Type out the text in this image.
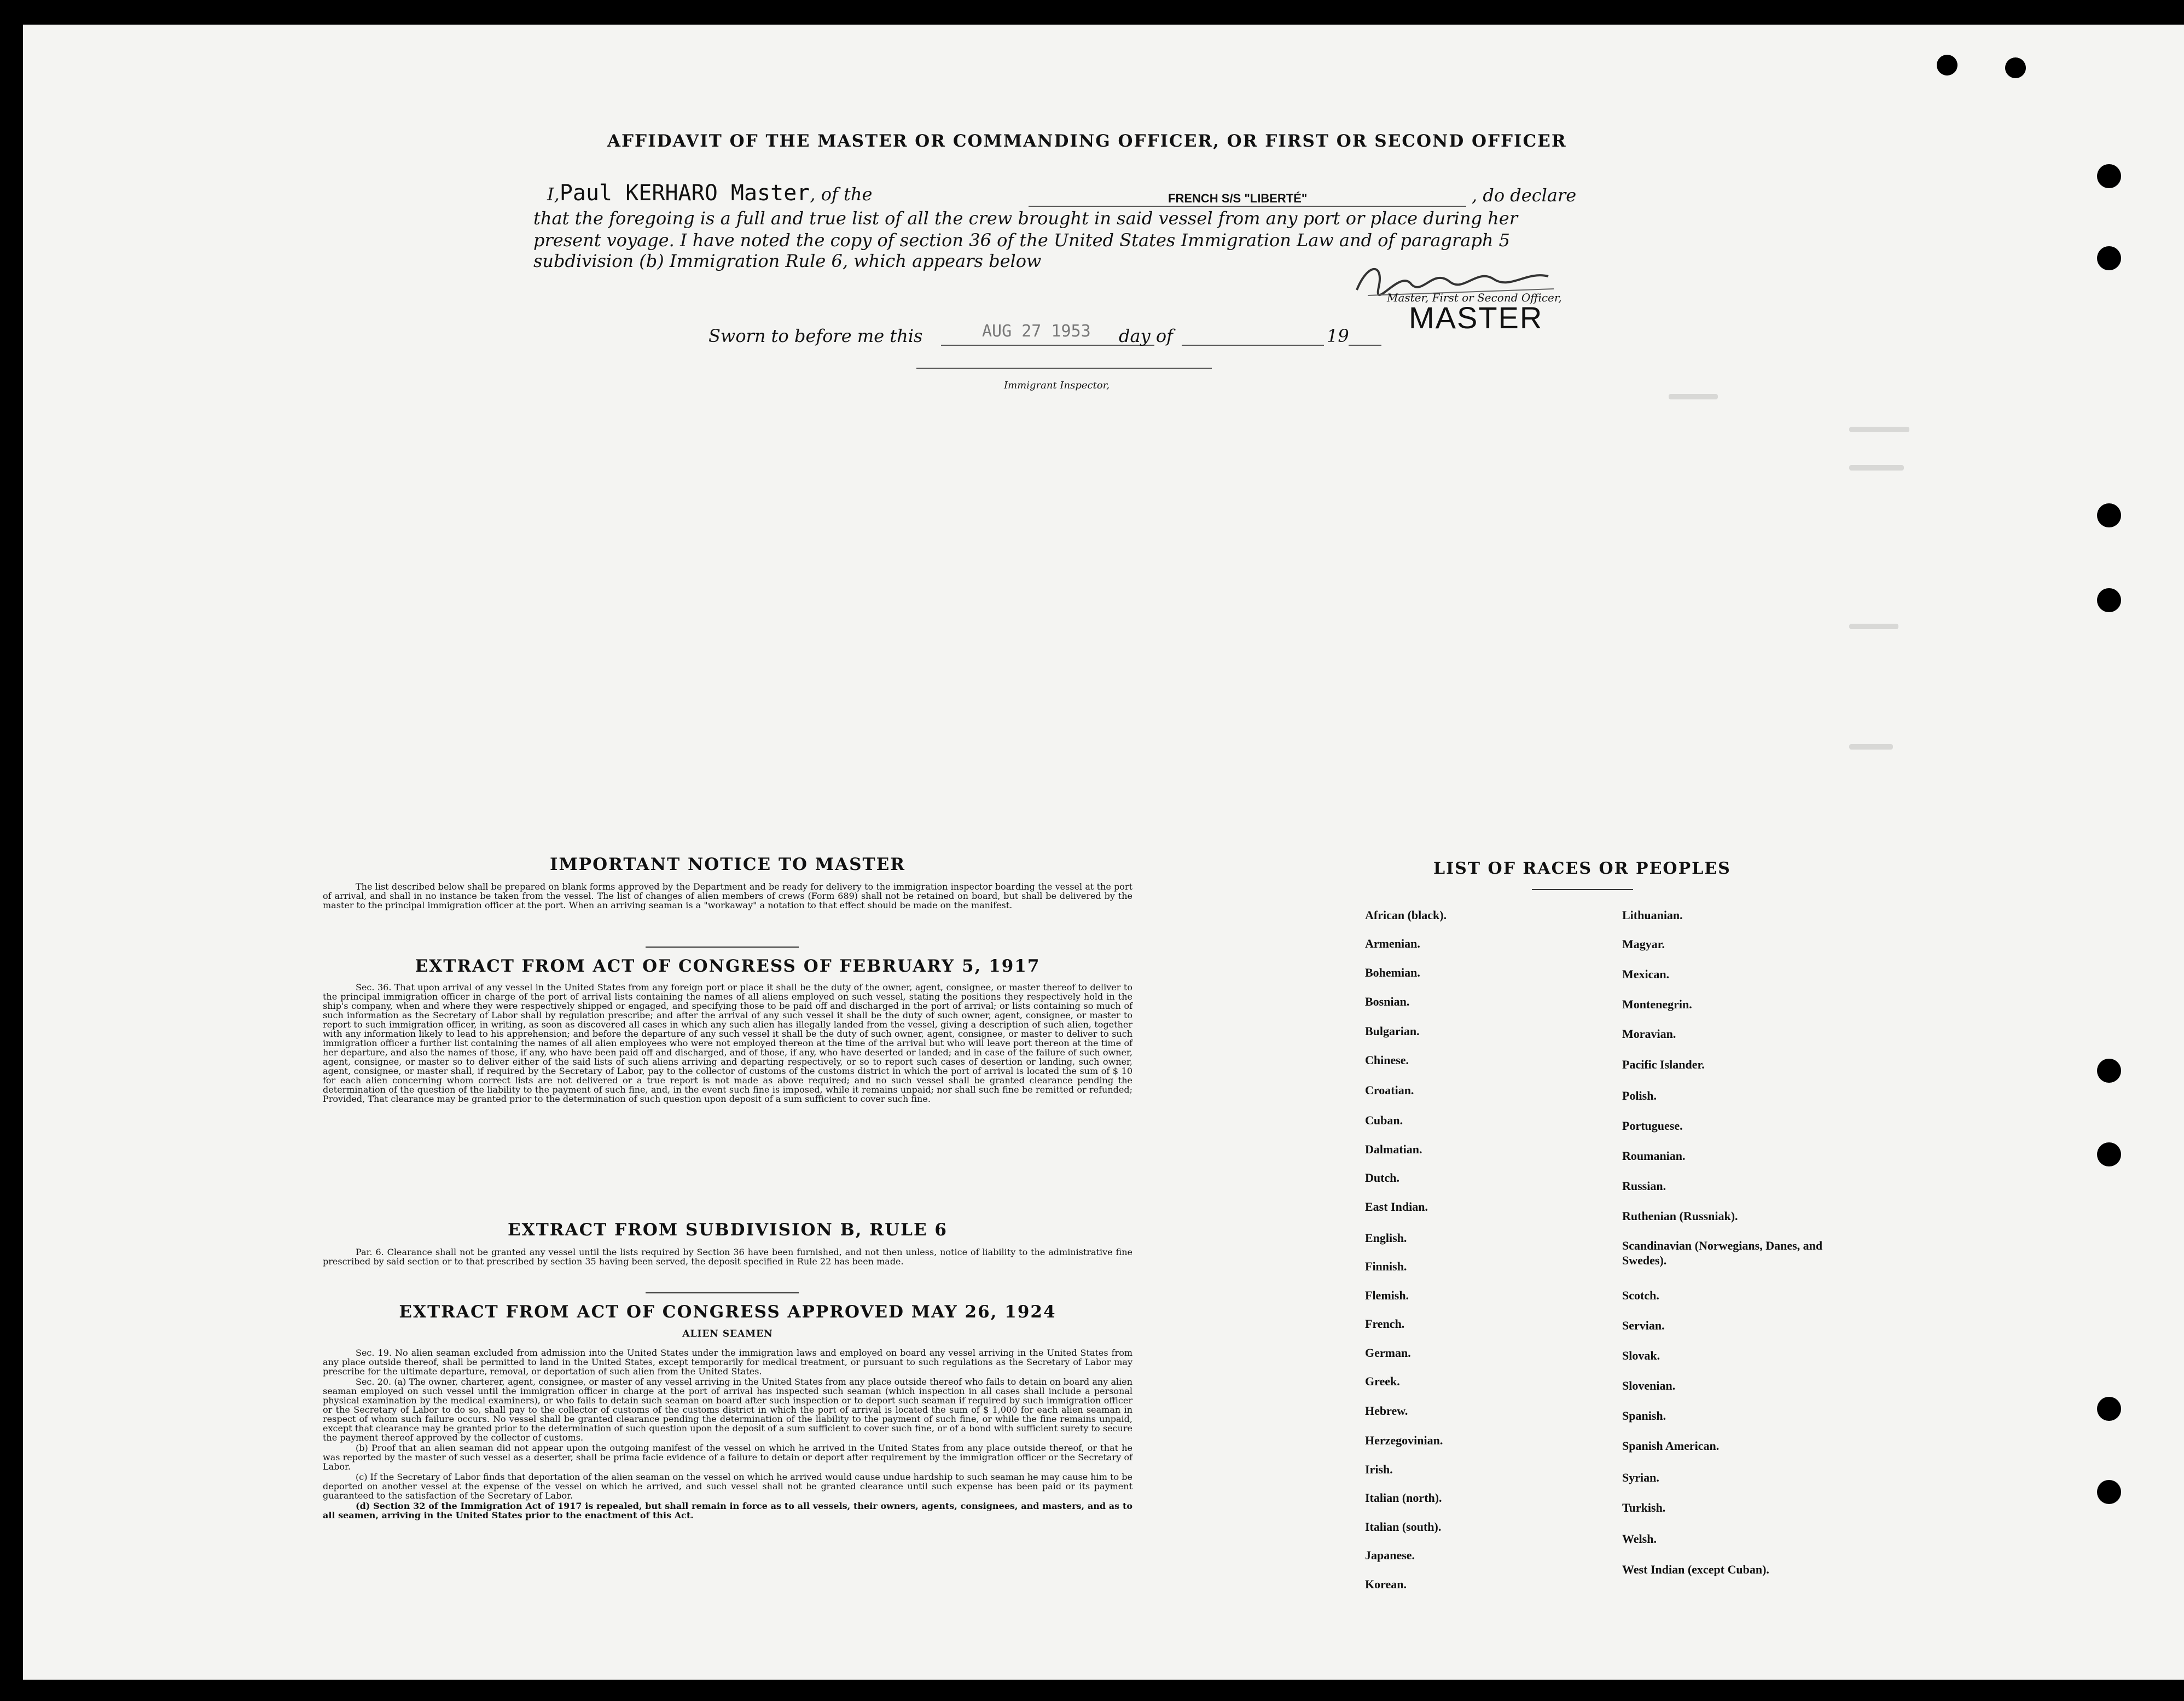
AFFIDAVIT OF THE MASTER OR COMMANDING OFFICER, OR FIRST OR SECOND OFFICER
I,Paul KERHARO Master, of the	FRENCH S/S "LIBERTÉ"	, do declare
that the foregoing is a full and true list of all the crew brought in said vessel from any port or place during her
present voyage. I have noted the copy of section 36 of the United States Immigration Law and of paragraph 5
subdivision (b) Immigration Rule 6, which appears below
Master, First or Second Officer,
MASTER
Sworn to before me this	AUG 27 1953 day of	19
Immigrant Inspector,
IMPORTANT NOTICE TO MASTER

The list described below shall be prepared on blank forms approved by the Department and be ready for delivery to the immigration inspector boarding the vessel at the port of arrival, and shall in no instance be taken from the vessel. The list of changes of alien members of crews (Form 689) shall not be retained on board, but shall be delivered by the master to the principal immigration officer at the port. When an arriving seaman is a "workaway" a notation to that effect should be made on the manifest.

EXTRACT FROM ACT OF CONGRESS OF FEBRUARY 5, 1917

Sec. 36. That upon arrival of any vessel in the United States from any foreign port or place it shall be the duty of the owner, agent, consignee, or master thereof to deliver to the principal immigration officer in charge of the port of arrival lists containing the names of all aliens employed on such vessel, stating the positions they respectively hold in the ship's company, when and where they were respectively shipped or engaged, and specifying those to be paid off and discharged in the port of arrival; or lists containing so much of such information as the Secretary of Labor shall by regulation prescribe; and after the arrival of any such vessel it shall be the duty of such owner, agent, consignee, or master to report to such immigration officer, in writing, as soon as discovered all cases in which any such alien has illegally landed from the vessel, giving a description of such alien, together with any information likely to lead to his apprehension; and before the departure of any such vessel it shall be the duty of such owner, agent, consignee, or master to deliver to such immigration officer a further list containing the names of all alien employees who were not employed thereon at the time of the arrival but who will leave port thereon at the time of her departure, and also the names of those, if any, who have been paid off and discharged, and of those, if any, who have deserted or landed; and in case of the failure of such owner, agent, consignee, or master so to deliver either of the said lists of such aliens arriving and departing respectively, or so to report such cases of desertion or landing, such owner, agent, consignee, or master shall, if required by the Secretary of Labor, pay to the collector of customs of the customs district in which the port of arrival is located the sum of $ 10 for each alien concerning whom correct lists are not delivered or a true report is not made as above required; and no such vessel shall be granted clearance pending the determination of the question of the liability to the payment of such fine, and, in the event such fine is imposed, while it remains unpaid; nor shall such fine be remitted or refunded; Provided, That clearance may be granted prior to the determination of such question upon deposit of a sum sufficient to cover such fine.

EXTRACT FROM SUBDIVISION B, RULE 6

Par. 6. Clearance shall not be granted any vessel until the lists required by Section 36 have been furnished, and not then unless, notice of liability to the administrative fine prescribed by said section or to that prescribed by section 35 having been served, the deposit specified in Rule 22 has been made.

EXTRACT FROM ACT OF CONGRESS APPROVED MAY 26, 1924
ALIEN SEAMEN

Sec. 19. No alien seaman excluded from admission into the United States under the immigration laws and employed on board any vessel arriving in the United States from any place outside thereof, shall be permitted to land in the United States, except temporarily for medical treatment, or pursuant to such regulations as the Secretary of Labor may prescribe for the ultimate departure, removal, or deportation of such alien from the United States.

Sec. 20. (a) The owner, charterer, agent, consignee, or master of any vessel arriving in the United States from any place outside thereof who fails to detain on board any alien seaman employed on such vessel until the immigration officer in charge at the port of arrival has inspected such seaman (which inspection in all cases shall include a personal physical examination by the medical examiners), or who fails to detain such seaman on board after such inspection or to deport such seaman if required by such immigration officer or the Secretary of Labor to do so, shall pay to the collector of customs of the customs district in which the port of arrival is located the sum of $ 1,000 for each alien seaman in respect of whom such failure occurs. No vessel shall be granted clearance pending the determination of the liability to the payment of such fine, or while the fine remains unpaid, except that clearance may be granted prior to the determination of such question upon the deposit of a sum sufficient to cover such fine, or of a bond with sufficient surety to secure the payment thereof approved by the collector of customs.

(b) Proof that an alien seaman did not appear upon the outgoing manifest of the vessel on which he arrived in the United States from any place outside thereof, or that he was reported by the master of such vessel as a deserter, shall be prima facie evidence of a failure to detain or deport after requirement by the immigration officer or the Secretary of Labor.

(c) If the Secretary of Labor finds that deportation of the alien seaman on the vessel on which he arrived would cause undue hardship to such seaman he may cause him to be deported on another vessel at the expense of the vessel on which he arrived, and such vessel shall not be granted clearance until such expense has been paid or its payment guaranteed to the satisfaction of the Secretary of Labor.

(d) Section 32 of the Immigration Act of 1917 is repealed, but shall remain in force as to all vessels, their owners, agents, consignees, and masters, and as to all seamen, arriving in the United States prior to the enactment of this Act.

LIST OF RACES OR PEOPLES
African (black).
Armenian.
Bohemian.
Bosnian.
Bulgarian.
Chinese.
Croatian.
Cuban.
Dalmatian.
Dutch.
East Indian.
English.
Finnish.
Flemish.
French.
German.
Greek.
Hebrew.
Herzegovinian.
Irish.
Italian (north).
Italian (south).
Japanese.
Korean.
Lithuanian.
Magyar.
Mexican.
Montenegrin.
Moravian.
Pacific Islander.
Polish.
Portuguese.
Roumanian.
Russian.
Ruthenian (Russniak).
Scandinavian (Norwegians, Danes, and Swedes).
Scotch.
Servian.
Slovak.
Slovenian.
Spanish.
Spanish American.
Syrian.
Turkish.
Welsh.
West Indian (except Cuban).
